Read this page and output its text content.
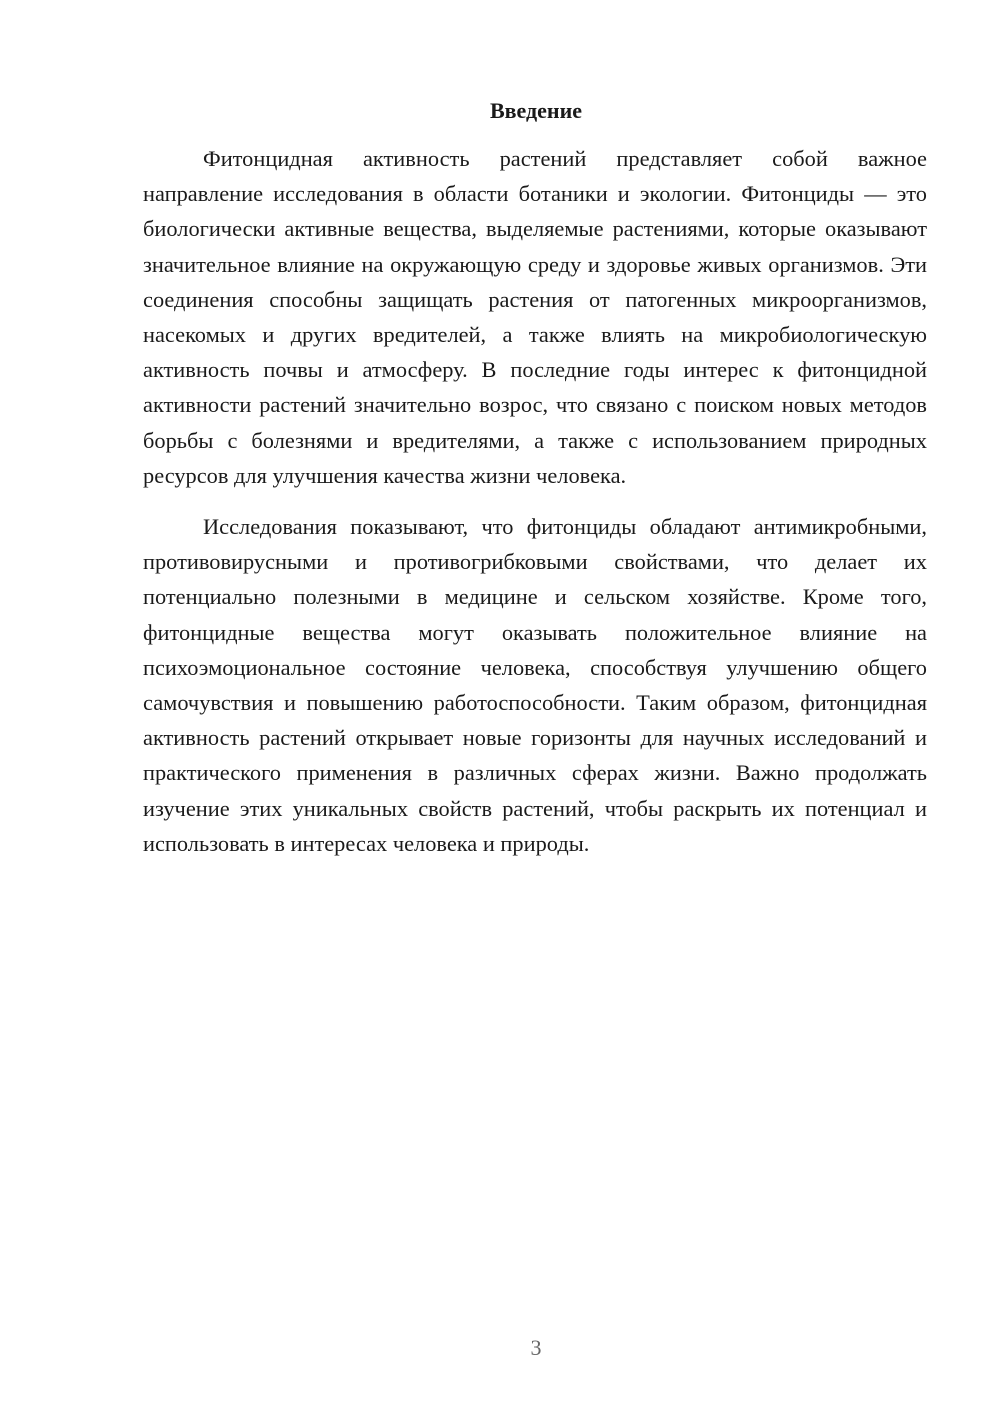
Введение

Фитонцидная активность растений представляет собой важное направление исследования в области ботаники и экологии. Фитонциды — это биологически активные вещества, выделяемые растениями, которые оказывают значительное влияние на окружающую среду и здоровье живых организмов. Эти соединения способны защищать растения от патогенных микроорганизмов, насекомых и других вредителей, а также влиять на микробиологическую активность почвы и атмосферу. В последние годы интерес к фитонцидной активности растений значительно возрос, что связано с поиском новых методов борьбы с болезнями и вредителями, а также с использованием природных ресурсов для улучшения качества жизни человека.

Исследования показывают, что фитонциды обладают антимикробными, противовирусными и противогрибковыми свойствами, что делает их потенциально полезными в медицине и сельском хозяйстве. Кроме того, фитонцидные вещества могут оказывать положительное влияние на психоэмоциональное состояние человека, способствуя улучшению общего самочувствия и повышению работоспособности. Таким образом, фитонцидная активность растений открывает новые горизонты для научных исследований и практического применения в различных сферах жизни. Важно продолжать изучение этих уникальных свойств растений, чтобы раскрыть их потенциал и использовать в интересах человека и природы.

3
